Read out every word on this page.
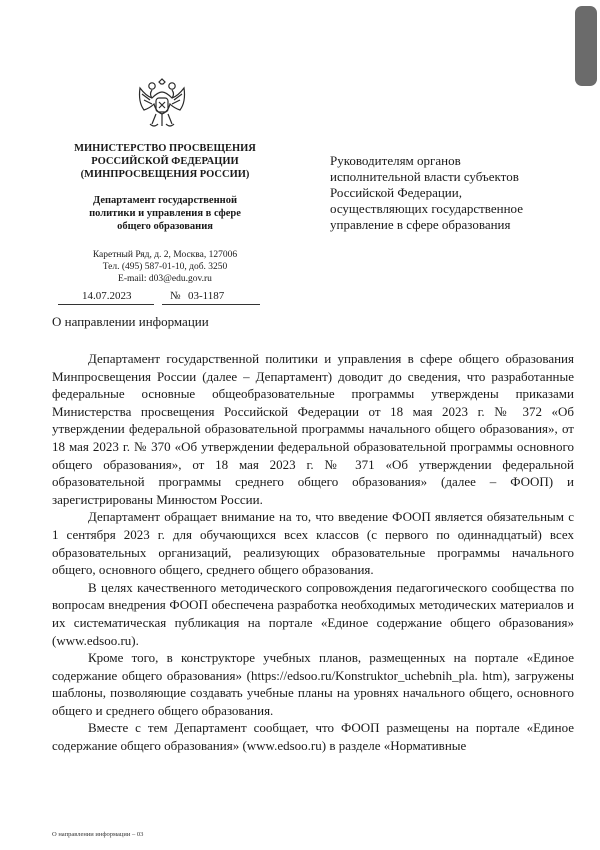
МИНИСТЕРСТВО ПРОСВЕЩЕНИЯ
РОССИЙСКОЙ ФЕДЕРАЦИИ
(МИНПРОСВЕЩЕНИЯ РОССИИ)
Департамент государственной
политики и управления в сфере
общего образования
Каретный Ряд, д. 2, Москва, 127006
Тел. (495) 587-01-10, доб. 3250
E-mail: d03@edu.gov.ru
14.07.2023	№ 03-1187
Руководителям органов
исполнительной власти субъектов
Российской Федерации,
осуществляющих государственное
управление в сфере образования
О направлении информации

Департамент государственной политики и управления в сфере общего образования Минпросвещения России (далее – Департамент) доводит до сведения, что разработанные федеральные основные общеобразовательные программы утверждены приказами Министерства просвещения Российской Федерации от 18 мая 2023 г. № 372 «Об утверждении федеральной образовательной программы начального общего образования», от 18 мая 2023 г. № 370 «Об утверждении федеральной образовательной программы основного общего образования», от 18 мая 2023 г. № 371 «Об утверждении федеральной образовательной программы среднего общего образования» (далее – ФООП) и зарегистрированы Минюстом России.

Департамент обращает внимание на то, что введение ФООП является обязательным с 1 сентября 2023 г. для обучающихся всех классов (с первого по одиннадцатый) всех образовательных организаций, реализующих образовательные программы начального общего, основного общего, среднего общего образования.

В целях качественного методического сопровождения педагогического сообщества по вопросам внедрения ФООП обеспечена разработка необходимых методических материалов и их систематическая публикация на портале «Единое содержание общего образования» (www.edsoo.ru).

Кроме того, в конструкторе учебных планов, размещенных на портале «Единое содержание общего образования» (https://edsoo.ru/Konstruktor_uchebnih_pla. htm), загружены шаблоны, позволяющие создавать учебные планы на уровнях начального общего, основного общего и среднего общего образования.

Вместе с тем Департамент сообщает, что ФООП размещены на портале «Единое содержание общего образования» (www.edsoo.ru) в разделе «Нормативные

О направлении информации – 03
